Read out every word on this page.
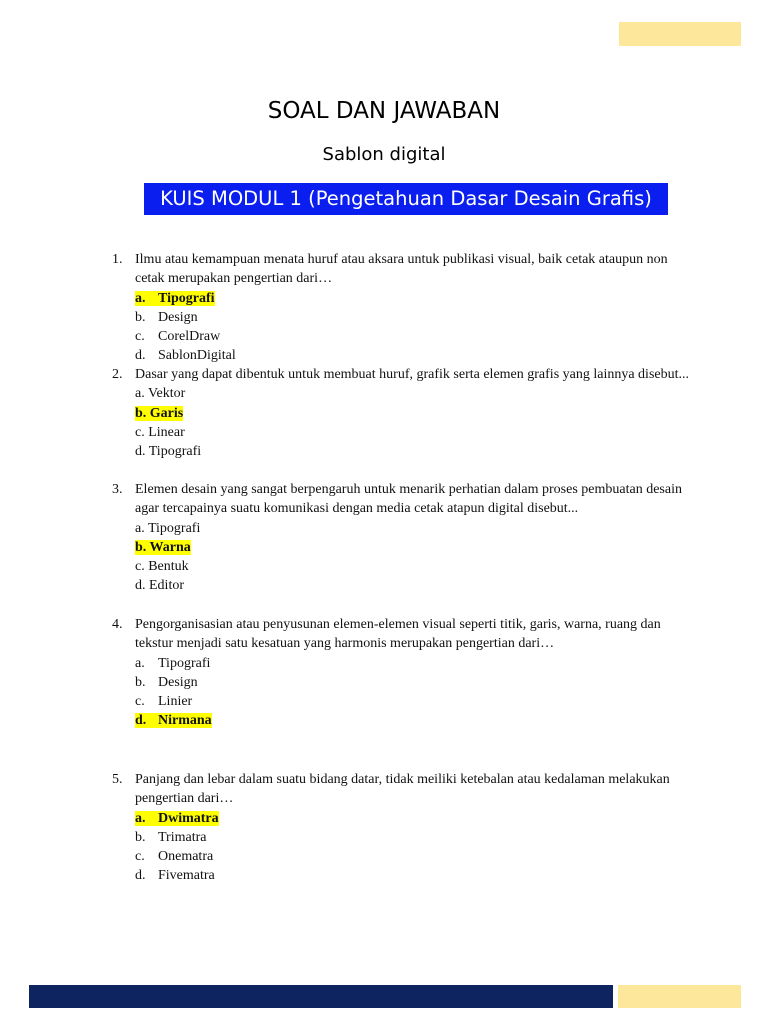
SOAL DAN JAWABAN
Sablon digital
KUIS MODUL 1 (Pengetahuan Dasar Desain Grafis)
1. Ilmu atau kemampuan menata huruf atau aksara untuk publikasi visual, baik cetak ataupun non cetak merupakan pengertian dari…
a. Tipografi
b. Design
c. CorelDraw
d. SablonDigital
2. Dasar yang dapat dibentuk untuk membuat huruf, grafik serta elemen grafis yang lainnya disebut...
a. Vektor
b. Garis
c. Linear
d. Tipografi
3. Elemen desain yang sangat berpengaruh untuk menarik perhatian dalam proses pembuatan desain agar tercapainya suatu komunikasi dengan media cetak atapun digital disebut...
a. Tipografi
b. Warna
c. Bentuk
d. Editor
4. Pengorganisasian atau penyusunan elemen-elemen visual seperti titik, garis, warna, ruang dan tekstur menjadi satu kesatuan yang harmonis merupakan pengertian dari…
a. Tipografi
b. Design
c. Linier
d. Nirmana
5. Panjang dan lebar dalam suatu bidang datar, tidak meiliki ketebalan atau kedalaman melakukan pengertian dari…
a. Dwimatra
b. Trimatra
c. Onematra
d. Fivematra
